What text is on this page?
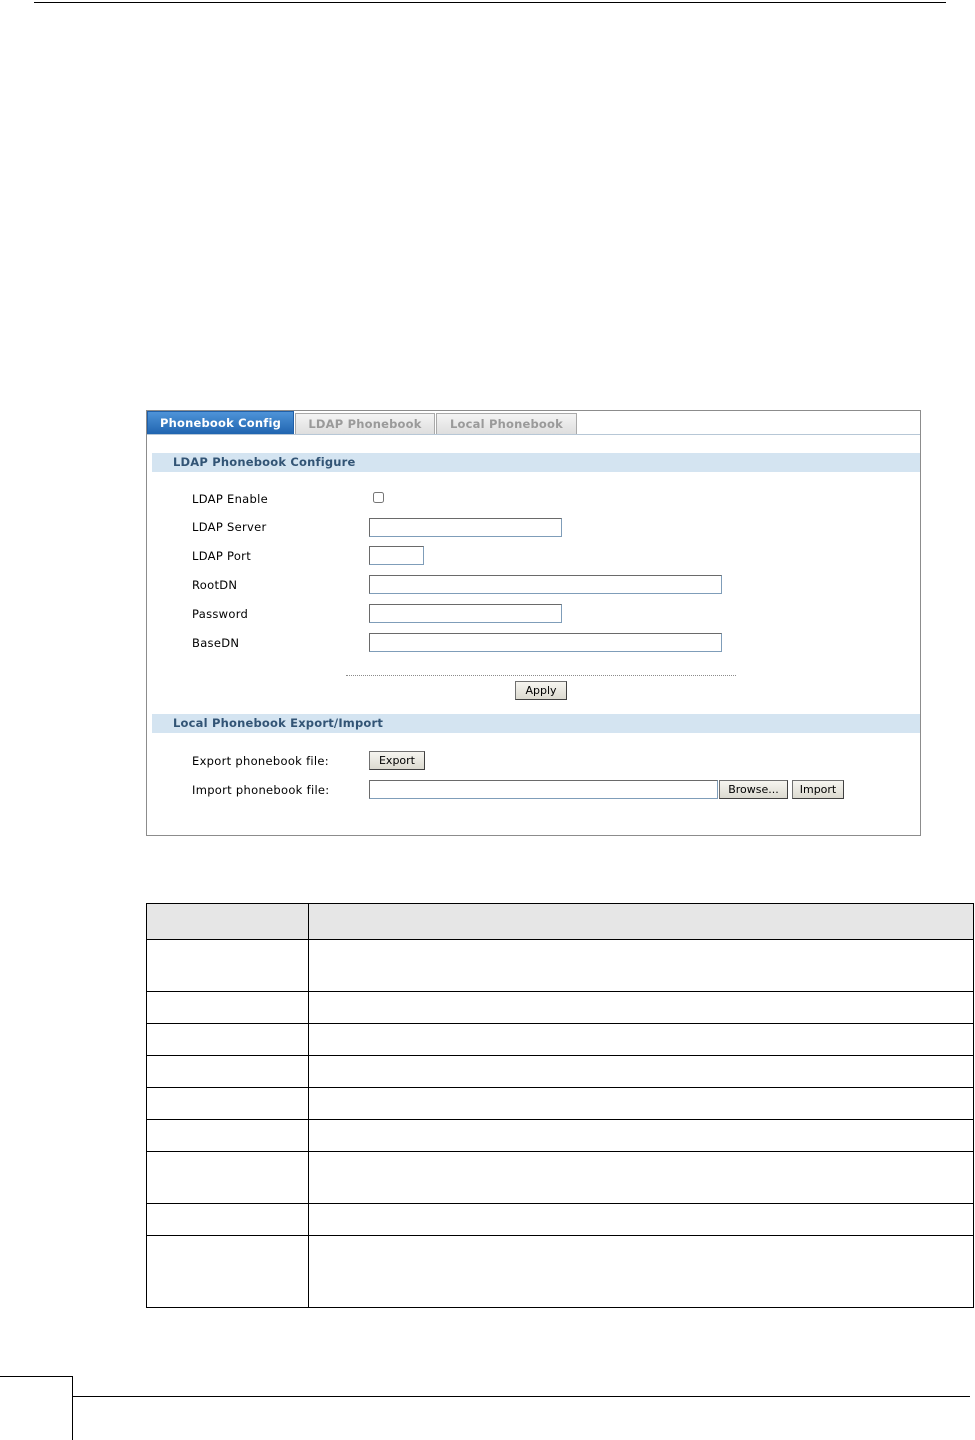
Phonebook Config	LDAP Phonebook	Local Phonebook
LDAP Phonebook Configure
LDAP Enable
LDAP Server
LDAP Port
RootDN
Password
BaseDN
Apply
Local Phonebook Export/Import
Export phonebook file:	Export
Import phonebook file:	Browse...	Import
